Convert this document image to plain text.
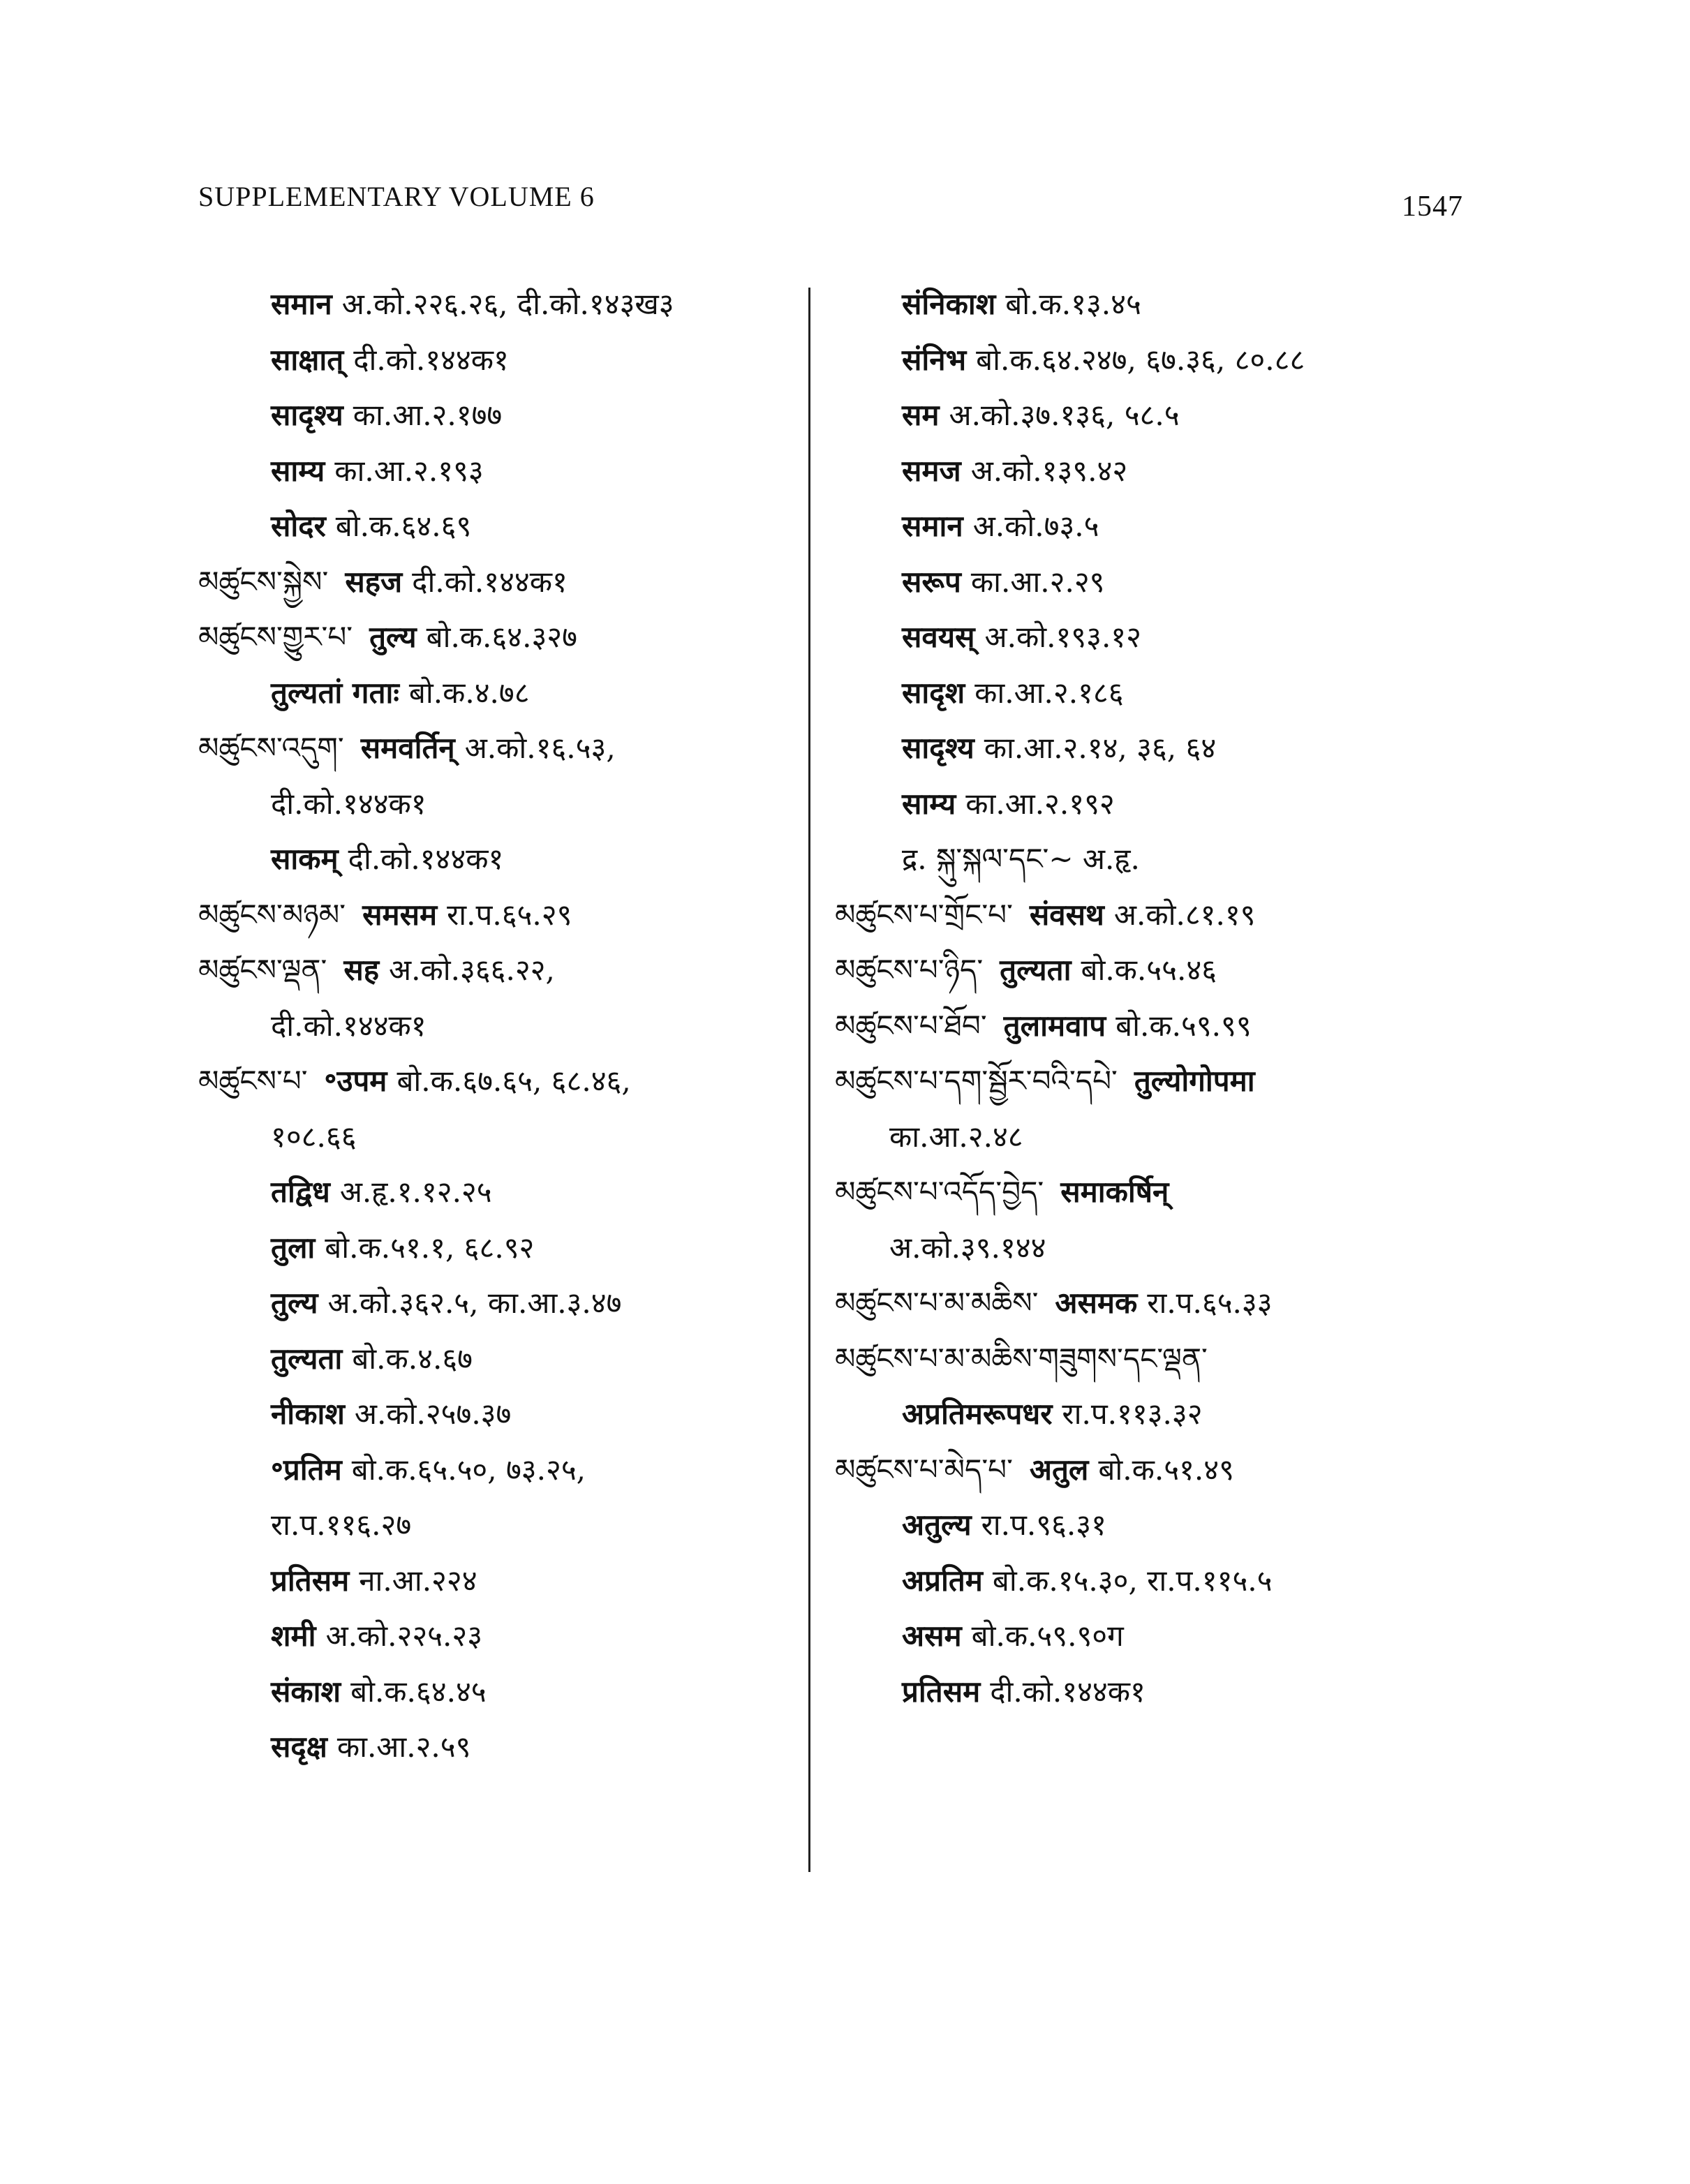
SUPPLEMENTARY VOLUME 6	1547
समान अ.को.२२६.२६, दी.को.१४३ख३
साक्षात् दी.को.१४४क१
सादृश्य का.आ.२.१७७
साम्य का.आ.२.१९३
सोदर बो.क.६४.६९
མཚུངས་སྐྱེས་ सहज दी.को.१४४क१
མཚུངས་གྱུར་པ་ तुल्य बो.क.६४.३२७
तुल्यतां गताः बो.क.४.७८
མཚུངས་འདུག་ समवर्तिन् अ.को.१६.५३,
दी.को.१४४क१
साकम् दी.को.१४४क१
མཚུངས་མཉམ་ समसम रा.प.६५.२९
མཚུངས་ལྡན་ सह अ.को.३६६.२२,
दी.को.१४४क१
མཚུངས་པ་ ॰उपम बो.क.६७.६५, ६८.४६,
१०८.६६
तद्विध अ.हृ.१.१२.२५
तुला बो.क.५१.१, ६८.९२
तुल्य अ.को.३६२.५, का.आ.३.४७
तुल्यता बो.क.४.६७
नीकाश अ.को.२५७.३७
॰प्रतिम बो.क.६५.५०, ७३.२५,
रा.प.११६.२७
प्रतिसम ना.आ.२२४
शमी अ.को.२२५.२३
संकाश बो.क.६४.४५
सदृक्ष का.आ.२.५९
संनिकाश बो.क.१३.४५
संनिभ बो.क.६४.२४७, ६७.३६, ८०.८८
सम अ.को.३७.१३६, ५८.५
समज अ.को.१३९.४२
समान अ.को.७३.५
सरूप का.आ.२.२९
सवयस् अ.को.१९३.१२
सादृश का.आ.२.१८६
सादृश्य का.आ.२.१४, ३६, ६४
साम्य का.आ.२.१९२
द्र. སྐུ་སྐལ་དང་~ अ.हृ.
མཚུངས་པ་གྲོང་པ་ संवसथ अ.को.८१.१९
མཚུངས་པ་ཉིད་ तुल्यता बो.क.५५.४६
མཚུངས་པ་ཐོབ་ तुलामवाप बो.क.५९.९९
མཚུངས་པ་དག་སྦྱོར་བའི་དཔེ་ तुल्योगोपमा
का.आ.२.४८
མཚུངས་པ་འདོད་བྱེད་ समाकर्षिन्
अ.को.३९.१४४
མཚུངས་པ་མ་མཆིས་ असमक रा.प.६५.३३
མཚུངས་པ་མ་མཆིས་གཟུགས་དང་ལྡན་
अप्रतिमरूपधर रा.प.११३.३२
མཚུངས་པ་མེད་པ་ अतुल बो.क.५१.४९
अतुल्य रा.प.९६.३१
अप्रतिम बो.क.१५.३०, रा.प.११५.५
असम बो.क.५९.९०ग
प्रतिसम दी.को.१४४क१
